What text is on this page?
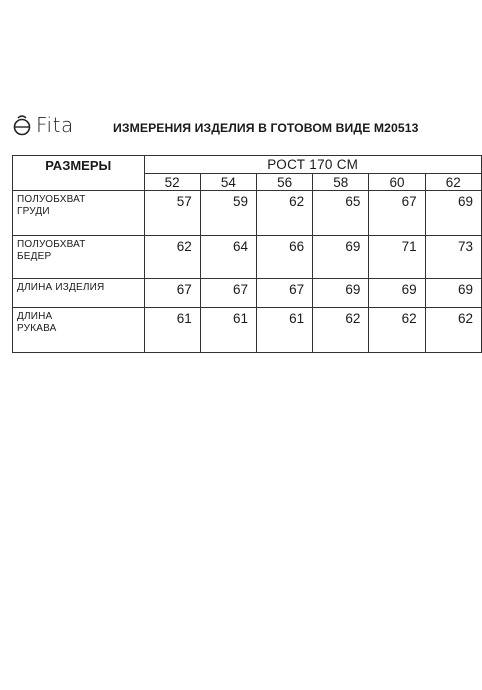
Fita	ИЗМЕРЕНИЯ ИЗДЕЛИЯ В ГОТОВОМ ВИДЕ М20513
РАЗМЕРЫ	РОСТ 170 СМ					
	52	54	56	58	60	62
ПОЛУОБХВАТ
ГРУДИ	57	59	62	65	67	69
ПОЛУОБХВАТ
БЕДЕР	62	64	66	69	71	73
ДЛИНА ИЗДЕЛИЯ	67	67	67	69	69	69
ДЛИНА
РУКАВА	61	61	61	62	62	62
